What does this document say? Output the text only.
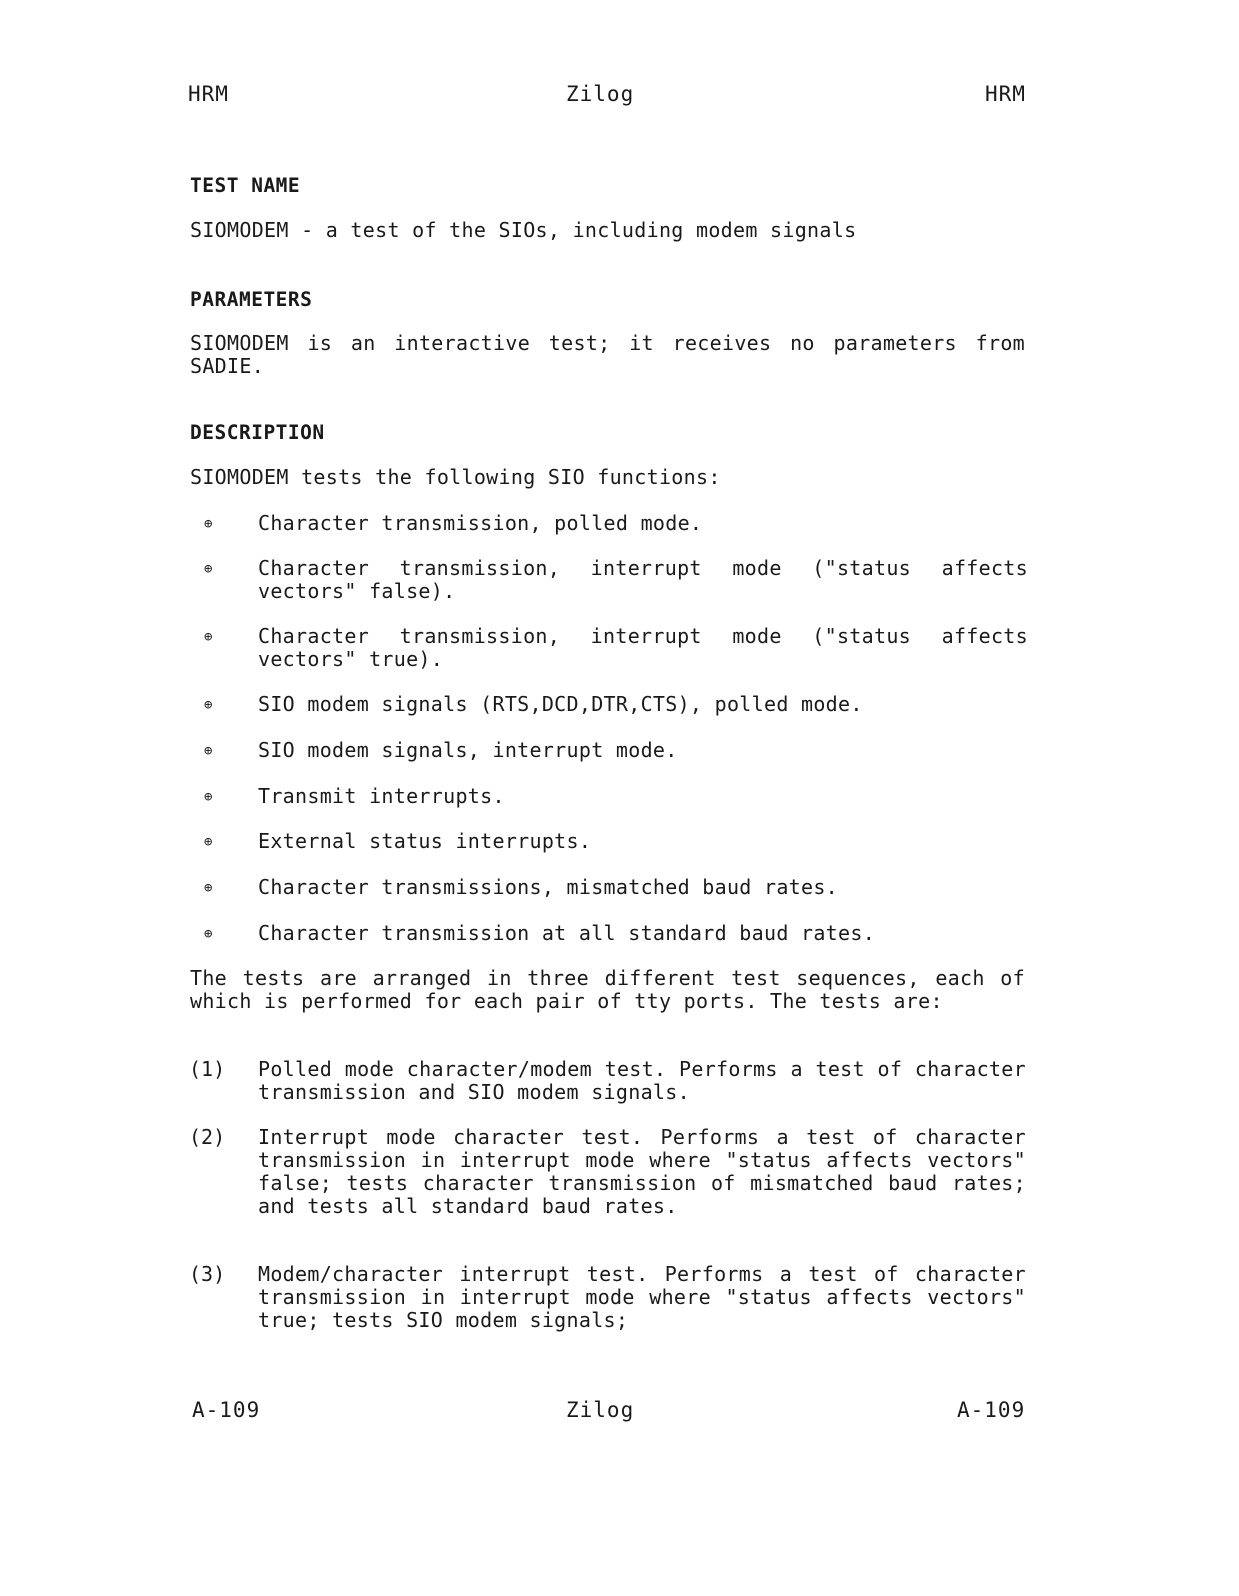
HRM	Zilog	HRM
TEST NAME
SIOMODEM - a test of the SIOs, including modem signals
PARAMETERS
SIOMODEM is an interactive test; it receives no parameters from SADIE.
DESCRIPTION
SIOMODEM tests the following SIO functions:
⊕ Character transmission, polled mode.
⊕ Character transmission, interrupt mode ("status affects vectors" false).
⊕ Character transmission, interrupt mode ("status affects vectors" true).
⊕ SIO modem signals (RTS,DCD,DTR,CTS), polled mode.
⊕ SIO modem signals, interrupt mode.
⊕ Transmit interrupts.
⊕ External status interrupts.
⊕ Character transmissions, mismatched baud rates.
⊕ Character transmission at all standard baud rates.
The tests are arranged in three different test sequences, each of which is performed for each pair of tty ports. The tests are:
(1) Polled mode character/modem test. Performs a test of character transmission and SIO modem signals.
(2) Interrupt mode character test. Performs a test of character transmission in interrupt mode where "status affects vectors" false; tests character transmission of mismatched baud rates; and tests all standard baud rates.
(3) Modem/character interrupt test. Performs a test of character transmission in interrupt mode where "status affects vectors" true; tests SIO modem signals;
A-109	Zilog	A-109
